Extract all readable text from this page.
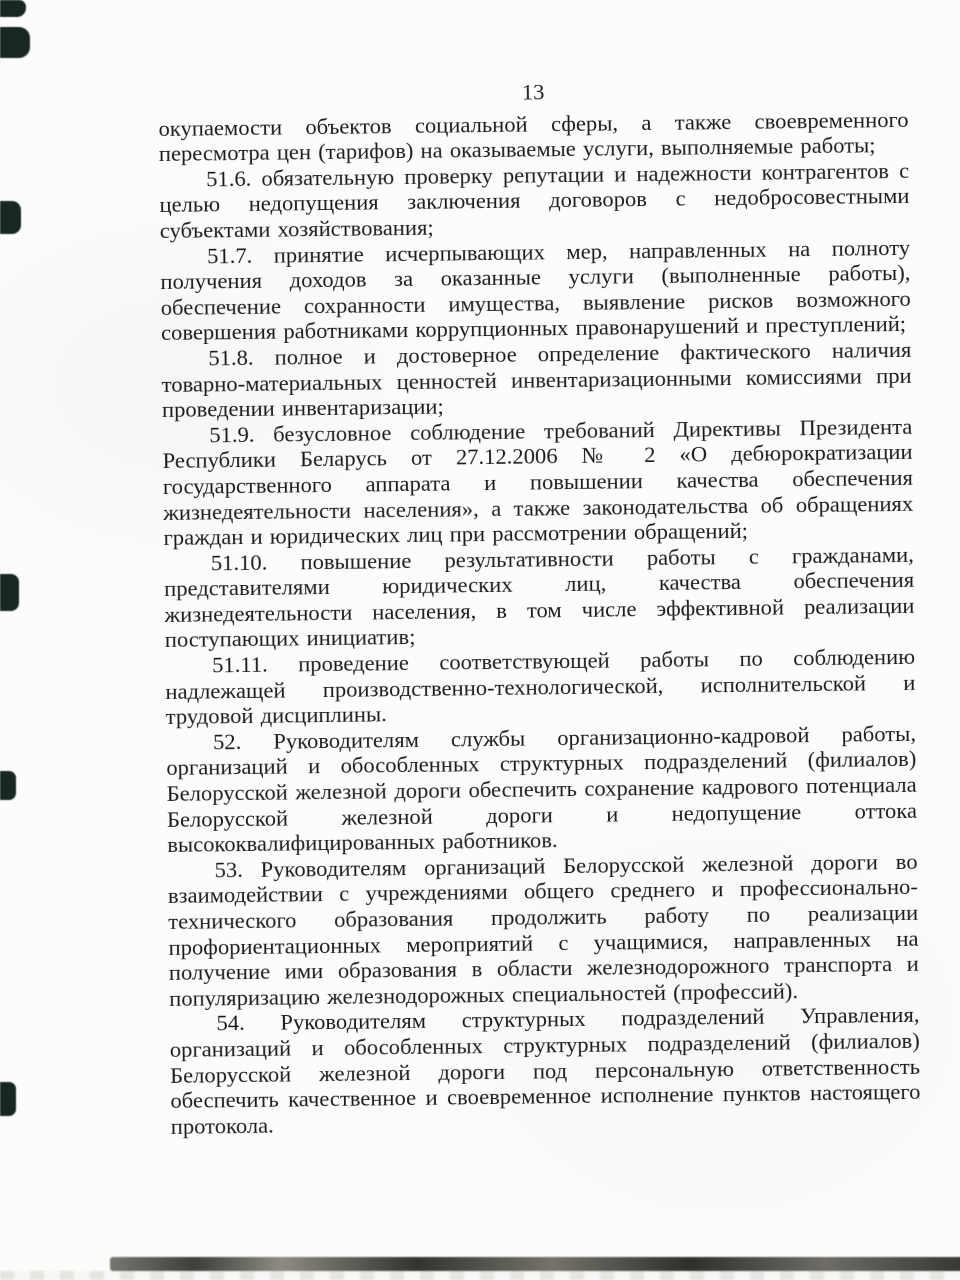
13

окупаемости объектов социальной сферы, а также своевременного пересмотра цен (тарифов) на оказываемые услуги, выполняемые работы;

51.6. обязательную проверку репутации и надежности контрагентов с целью недопущения заключения договоров с недобросовестными субъектами хозяйствования;

51.7. принятие исчерпывающих мер, направленных на полноту получения доходов за оказанные услуги (выполненные работы), обеспечение сохранности имущества, выявление рисков возможного совершения работниками коррупционных правонарушений и преступлений;

51.8. полное и достоверное определение фактического наличия товарно-материальных ценностей инвентаризационными комиссиями при проведении инвентаризации;

51.9. безусловное соблюдение требований Директивы Президента Республики Беларусь от 27.12.2006 № 2 «О дебюрократизации государственного аппарата и повышении качества обеспечения жизнедеятельности населения», а также законодательства об обращениях граждан и юридических лиц при рассмотрении обращений;

51.10. повышение результативности работы с гражданами, представителями юридических лиц, качества обеспечения жизнедеятельности населения, в том числе эффективной реализации поступающих инициатив;

51.11. проведение соответствующей работы по соблюдению надлежащей производственно-технологической, исполнительской и трудовой дисциплины.

52. Руководителям службы организационно-кадровой работы, организаций и обособленных структурных подразделений (филиалов) Белорусской железной дороги обеспечить сохранение кадрового потенциала Белорусской железной дороги и недопущение оттока высококвалифицированных работников.

53. Руководителям организаций Белорусской железной дороги во взаимодействии с учреждениями общего среднего и профессионально-технического образования продолжить работу по реализации профориентационных мероприятий с учащимися, направленных на получение ими образования в области железнодорожного транспорта и популяризацию железнодорожных специальностей (профессий).

54. Руководителям структурных подразделений Управления, организаций и обособленных структурных подразделений (филиалов) Белорусской железной дороги под персональную ответственность обеспечить качественное и своевременное исполнение пунктов настоящего протокола.
